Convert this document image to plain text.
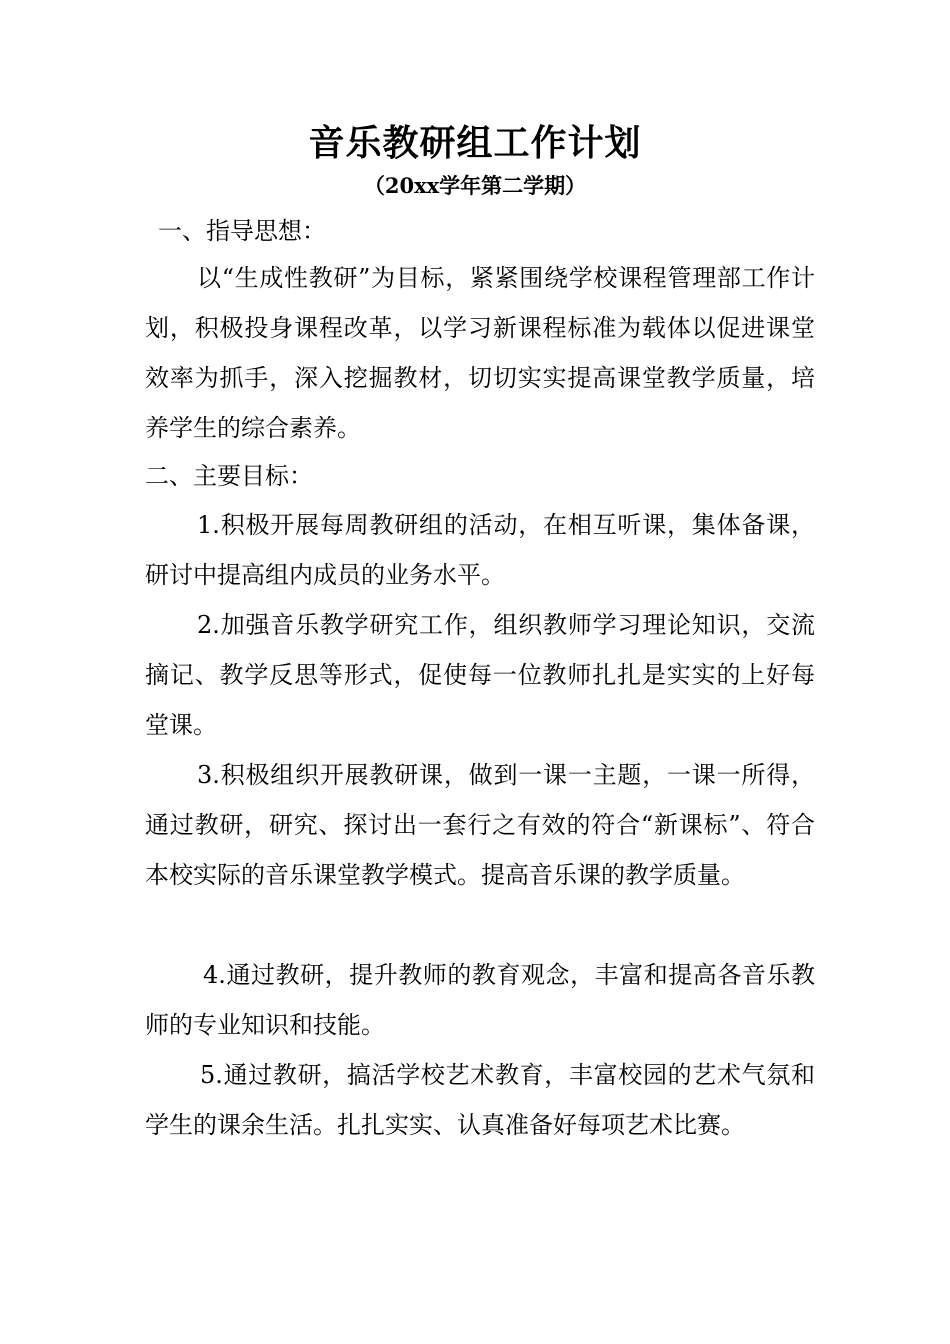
音乐教研组工作计划
（20xx学年第二学期）
一、指导思想：
以“生成性教研”为目标，紧紧围绕学校课程管理部工作计划，积极投身课程改革，以学习新课程标准为载体以促进课堂效率为抓手，深入挖掘教材，切切实实提高课堂教学质量，培养学生的综合素养。
二、主要目标：
1.积极开展每周教研组的活动，在相互听课，集体备课，研讨中提高组内成员的业务水平。
2.加强音乐教学研究工作，组织教师学习理论知识，交流摘记、教学反思等形式，促使每一位教师扎扎是实实的上好每堂课。
3.积极组织开展教研课，做到一课一主题，一课一所得，通过教研，研究、探讨出一套行之有效的符合“新课标”、符合本校实际的音乐课堂教学模式。提高音乐课的教学质量。
4.通过教研，提升教师的教育观念，丰富和提高各音乐教师的专业知识和技能。
5.通过教研，搞活学校艺术教育，丰富校园的艺术气氛和学生的课余生活。扎扎实实、认真准备好每项艺术比赛。
